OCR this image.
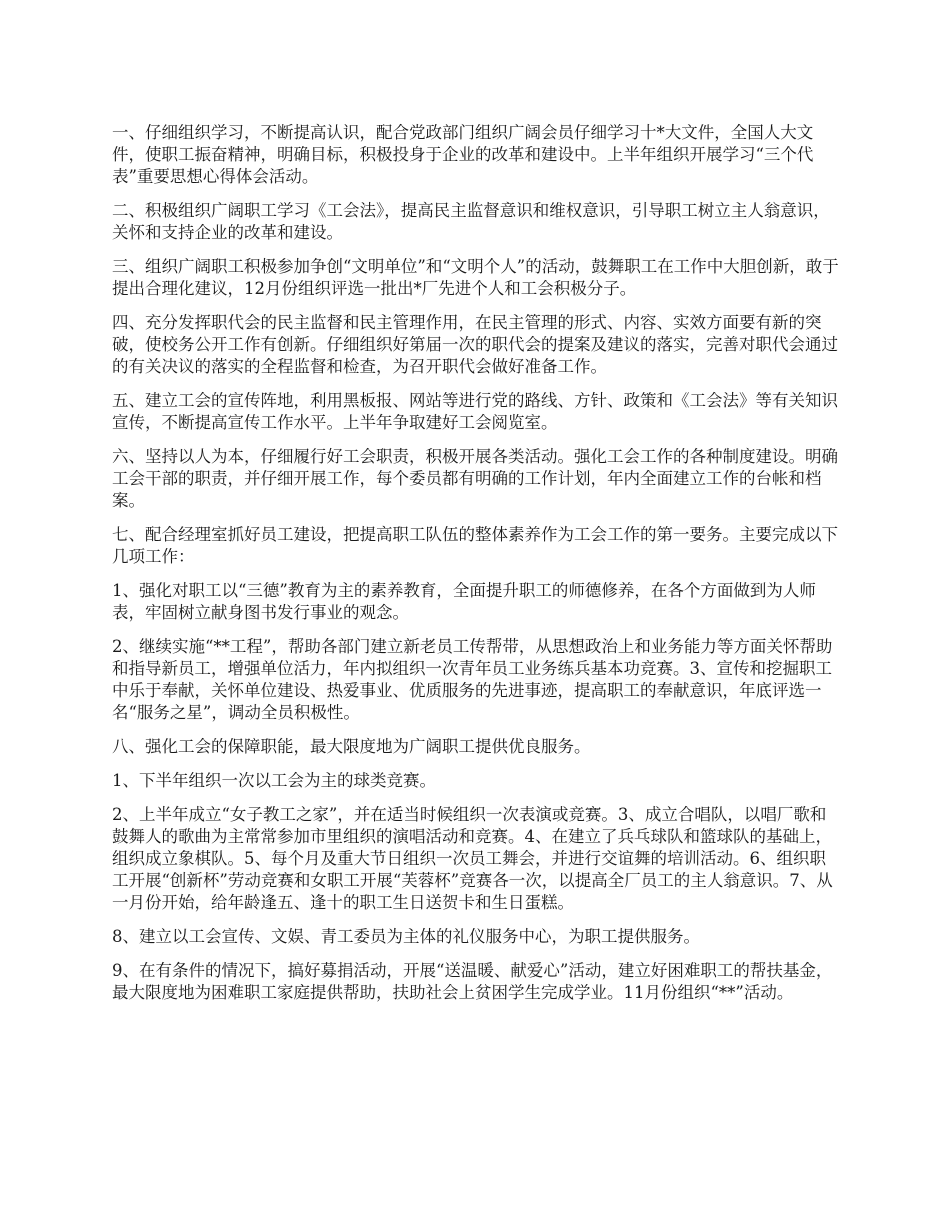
一、仔细组织学习，不断提高认识，配合党政部门组织广阔会员仔细学习十*大文件，全国人大文件，使职工振奋精神，明确目标，积极投身于企业的改革和建设中。上半年组织开展学习“三个代表”重要思想心得体会活动。

二、积极组织广阔职工学习《工会法》，提高民主监督意识和维权意识，引导职工树立主人翁意识，关怀和支持企业的改革和建设。

三、组织广阔职工积极参加争创“文明单位”和“文明个人”的活动，鼓舞职工在工作中大胆创新，敢于提出合理化建议，12月份组织评选一批出*厂先进个人和工会积极分子。

四、充分发挥职代会的民主监督和民主管理作用，在民主管理的形式、内容、实效方面要有新的突破，使校务公开工作有创新。仔细组织好第届一次的职代会的提案及建议的落实，完善对职代会通过的有关决议的落实的全程监督和检查，为召开职代会做好准备工作。

五、建立工会的宣传阵地，利用黑板报、网站等进行党的路线、方针、政策和《工会法》等有关知识宣传，不断提高宣传工作水平。上半年争取建好工会阅览室。

六、坚持以人为本，仔细履行好工会职责，积极开展各类活动。强化工会工作的各种制度建设。明确工会干部的职责，并仔细开展工作，每个委员都有明确的工作计划，年内全面建立工作的台帐和档案。

七、配合经理室抓好员工建设，把提高职工队伍的整体素养作为工会工作的第一要务。主要完成以下几项工作：

1、强化对职工以“三德”教育为主的素养教育，全面提升职工的师德修养，在各个方面做到为人师表，牢固树立献身图书发行事业的观念。

2、继续实施“**工程”，帮助各部门建立新老员工传帮带，从思想政治上和业务能力等方面关怀帮助和指导新员工，增强单位活力，年内拟组织一次青年员工业务练兵基本功竞赛。3、宣传和挖掘职工中乐于奉献，关怀单位建设、热爱事业、优质服务的先进事迹，提高职工的奉献意识，年底评选一名“服务之星”，调动全员积极性。

八、强化工会的保障职能，最大限度地为广阔职工提供优良服务。

1、下半年组织一次以工会为主的球类竞赛。

2、上半年成立“女子教工之家”，并在适当时候组织一次表演或竞赛。3、成立合唱队，以唱厂歌和鼓舞人的歌曲为主常常参加市里组织的演唱活动和竞赛。4、在建立了兵乓球队和篮球队的基础上，组织成立象棋队。5、每个月及重大节日组织一次员工舞会，并进行交谊舞的培训活动。6、组织职工开展“创新杯”劳动竞赛和女职工开展“芙蓉杯”竞赛各一次，以提高全厂员工的主人翁意识。7、从一月份开始，给年龄逢五、逢十的职工生日送贺卡和生日蛋糕。

8、建立以工会宣传、文娱、青工委员为主体的礼仪服务中心，为职工提供服务。

9、在有条件的情况下，搞好募捐活动，开展“送温暖、献爱心”活动，建立好困难职工的帮扶基金，最大限度地为困难职工家庭提供帮助，扶助社会上贫困学生完成学业。11月份组织“**”活动。
